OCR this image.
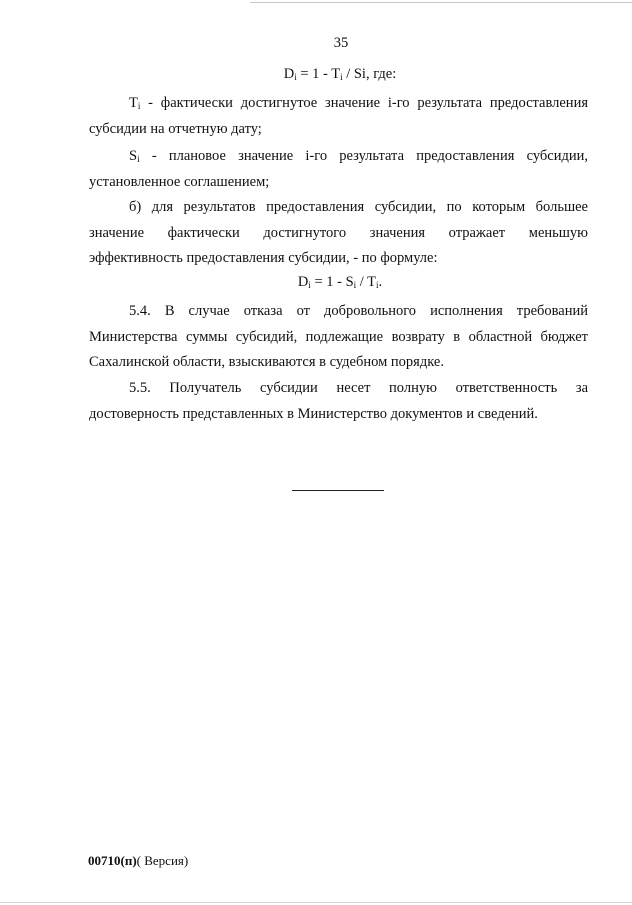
35
$D_i = 1 - T_i / Si$, где:
$T_i$ - фактически достигнутое значение i-го результата предоставления
субсидии на отчетную дату;
$S_i$ - плановое значение i-го результата предоставления субсидии,
установленное соглашением;
б) для результатов предоставления субсидии, по которым большее
значение фактически достигнутого значения отражает меньшую
эффективность предоставления субсидии, - по формуле:
$D_i = 1 - S_i / T_i$.
5.4. В случае отказа от добровольного исполнения требований
Министерства суммы субсидий, подлежащие возврату в областной бюджет
Сахалинской области, взыскиваются в судебном порядке.
5.5. Получатель субсидии несет полную ответственность за
достоверность представленных в Министерство документов и сведений.
00710(п)( Версия)
